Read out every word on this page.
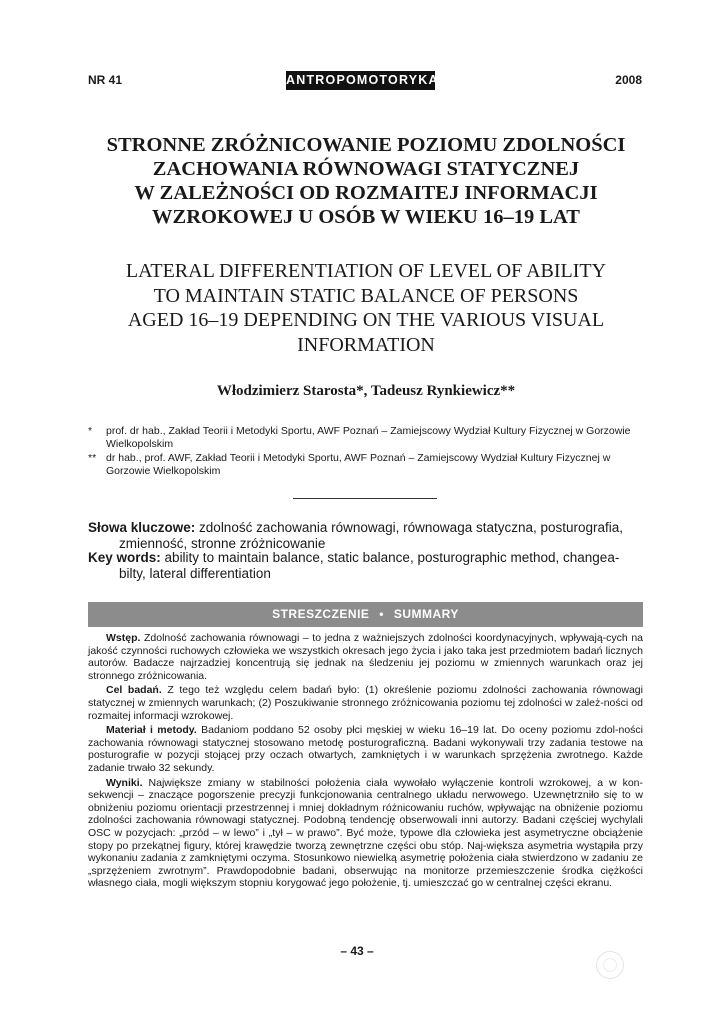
NR 41	ANTROPOMOTORYKA	2008
STRONNE ZRÓŻNICOWANIE POZIOMU ZDOLNOŚCI
ZACHOWANIA RÓWNOWAGI STATYCZNEJ
W ZALEŻNOŚCI OD ROZMAITEJ INFORMACJI
WZROKOWEJ U OSÓB W WIEKU 16–19 LAT
LATERAL DIFFERENTIATION OF LEVEL OF ABILITY
TO MAINTAIN STATIC BALANCE OF PERSONS
AGED 16–19 DEPENDING ON THE VARIOUS VISUAL
INFORMATION
Włodzimierz Starosta*, Tadeusz Rynkiewicz**
*	prof. dr hab., Zakład Teorii i Metodyki Sportu, AWF Poznań – Zamiejscowy Wydział Kultury Fizycznej w Gorzowie Wielkopolskim
** dr hab., prof. AWF, Zakład Teorii i Metodyki Sportu, AWF Poznań – Zamiejscowy Wydział Kultury Fizycznej w Gorzowie Wielkopolskim
Słowa kluczowe: zdolność zachowania równowagi, równowaga statyczna, posturografia,
zmienność, stronne zróżnicowanie
Key words: ability to maintain balance, static balance, posturographic method, changea-
bilty, lateral differentiation
STRESZCZENIE • SUMMARY

Wstęp. Zdolność zachowania równowagi – to jedna z ważniejszych zdolności koordynacyjnych, wpływają-cych na jakość czynności ruchowych człowieka we wszystkich okresach jego życia i jako taka jest przedmiotem badań licznych autorów. Badacze najrzadziej koncentrują się jednak na śledzeniu jej poziomu w zmiennych warunkach oraz jej stronnego zróżnicowania.

Cel badań. Z tego też względu celem badań było: (1) określenie poziomu zdolności zachowania równowagi statycznej w zmiennych warunkach; (2) Poszukiwanie stronnego zróżnicowania poziomu tej zdolności w zależ-ności od rozmaitej informacji wzrokowej.

Materiał i metody. Badaniom poddano 52 osoby płci męskiej w wieku 16–19 lat. Do oceny poziomu zdol-ności zachowania równowagi statycznej stosowano metodę posturograficzną. Badani wykonywali trzy zadania testowe na posturografie w pozycji stojącej przy oczach otwartych, zamkniętych i w warunkach sprzężenia zwrotnego. Każde zadanie trwało 32 sekundy.

Wyniki. Największe zmiany w stabilności położenia ciała wywołało wyłączenie kontroli wzrokowej, a w kon-sekwencji – znaczące pogorszenie precyzji funkcjonowania centralnego układu nerwowego. Uzewnętrzniło się to w obniżeniu poziomu orientacji przestrzennej i mniej dokładnym różnicowaniu ruchów, wpływając na obniżenie poziomu zdolności zachowania równowagi statycznej. Podobną tendencję obserwowali inni autorzy. Badani częściej wychylali OSC w pozycjach: „przód – w lewo” i „tył – w prawo”. Być może, typowe dla człowieka jest asymetryczne obciążenie stopy po przekątnej figury, której krawędzie tworzą zewnętrzne części obu stóp. Naj-większa asymetria wystąpiła przy wykonaniu zadania z zamkniętymi oczyma. Stosunkowo niewielką asymetrię położenia ciała stwierdzono w zadaniu ze „sprzężeniem zwrotnym”. Prawdopodobnie badani, obserwując na monitorze przemieszczenie środka ciężkości własnego ciała, mogli większym stopniu korygować jego położenie, tj. umieszczać go w centralnej części ekranu.

– 43 –
